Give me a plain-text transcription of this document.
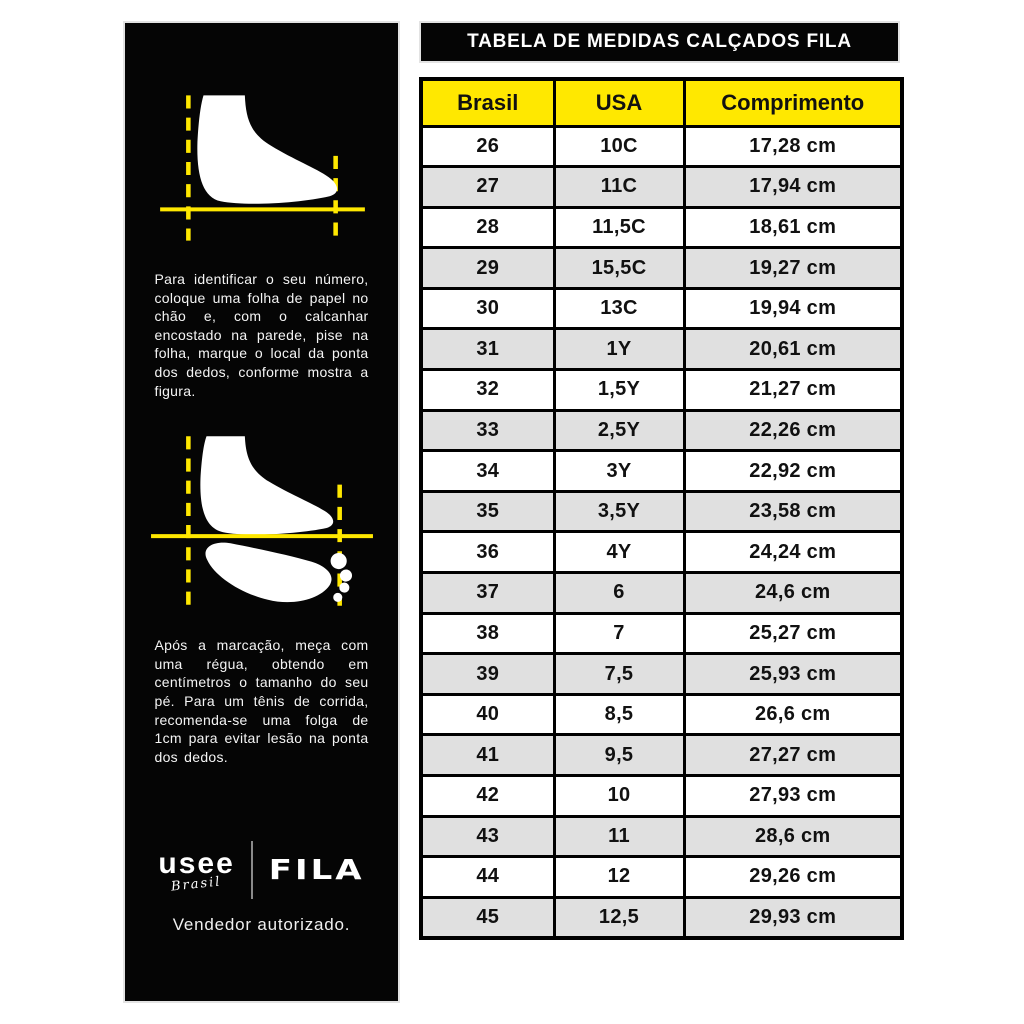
Para identificar o seu número, coloque uma folha de papel no chão e, com o calcanhar encostado na parede, pise na folha, marque o local da ponta dos dedos, conforme mostra a figura.

Após a marcação, meça com uma régua, obtendo em centímetros o tamanho do seu pé. Para um tênis de corrida, recomenda-se uma folga de 1cm para evitar lesão na ponta dos dedos.

usee
Brasil FILA

Vendedor autorizado.

TABELA DE MEDIDAS CALÇADOS FILA
Brasil	USA	Comprimento
26	10C	17,28 cm
27	11C	17,94 cm
28	11,5C	18,61 cm
29	15,5C	19,27 cm
30	13C	19,94 cm
31	1Y	20,61 cm
32	1,5Y	21,27 cm
33	2,5Y	22,26 cm
34	3Y	22,92 cm
35	3,5Y	23,58 cm
36	4Y	24,24 cm
37	6	24,6 cm
38	7	25,27 cm
39	7,5	25,93 cm
40	8,5	26,6 cm
41	9,5	27,27 cm
42	10	27,93 cm
43	11	28,6 cm
44	12	29,26 cm
45	12,5	29,93 cm
